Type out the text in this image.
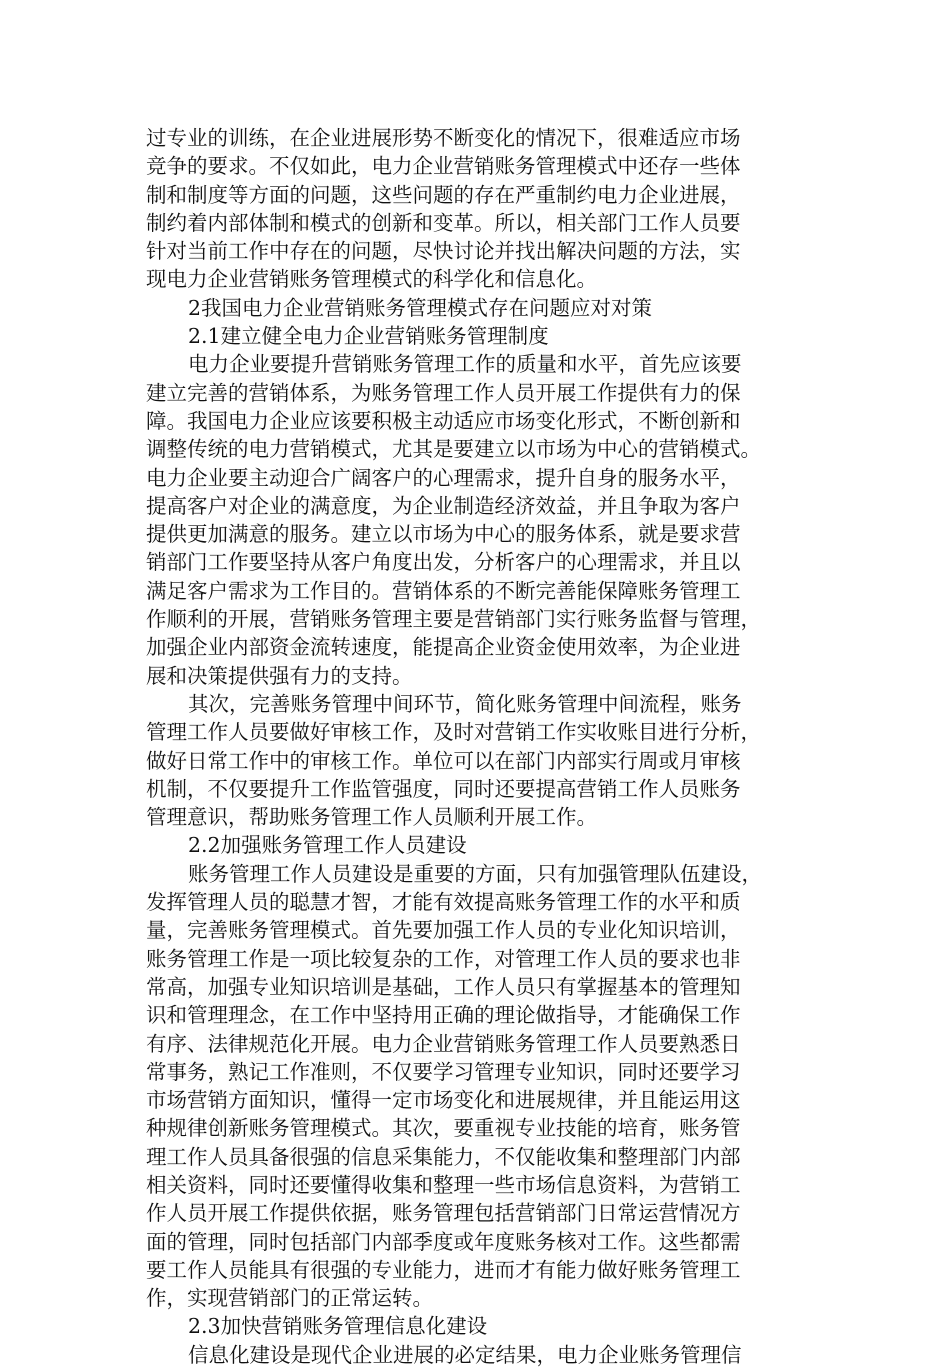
过专业的训练，在企业进展形势不断变化的情况下，很难适应市场
竞争的要求。不仅如此，电力企业营销账务管理模式中还存一些体
制和制度等方面的问题，这些问题的存在严重制约电力企业进展，
制约着内部体制和模式的创新和变革。所以，相关部门工作人员要
针对当前工作中存在的问题，尽快讨论并找出解决问题的方法，实
现电力企业营销账务管理模式的科学化和信息化。
2我国电力企业营销账务管理模式存在问题应对对策
2.1建立健全电力企业营销账务管理制度
电力企业要提升营销账务管理工作的质量和水平，首先应该要
建立完善的营销体系，为账务管理工作人员开展工作提供有力的保
障。我国电力企业应该要积极主动适应市场变化形式，不断创新和
调整传统的电力营销模式，尤其是要建立以市场为中心的营销模式。
电力企业要主动迎合广阔客户的心理需求，提升自身的服务水平，
提高客户对企业的满意度，为企业制造经济效益，并且争取为客户
提供更加满意的服务。建立以市场为中心的服务体系，就是要求营
销部门工作要坚持从客户角度出发，分析客户的心理需求，并且以
满足客户需求为工作目的。营销体系的不断完善能保障账务管理工
作顺利的开展，营销账务管理主要是营销部门实行账务监督与管理，
加强企业内部资金流转速度，能提高企业资金使用效率，为企业进
展和决策提供强有力的支持。
其次，完善账务管理中间环节，简化账务管理中间流程，账务
管理工作人员要做好审核工作，及时对营销工作实收账目进行分析，
做好日常工作中的审核工作。单位可以在部门内部实行周或月审核
机制，不仅要提升工作监管强度，同时还要提高营销工作人员账务
管理意识，帮助账务管理工作人员顺利开展工作。
2.2加强账务管理工作人员建设
账务管理工作人员建设是重要的方面，只有加强管理队伍建设，
发挥管理人员的聪慧才智，才能有效提高账务管理工作的水平和质
量，完善账务管理模式。首先要加强工作人员的专业化知识培训，
账务管理工作是一项比较复杂的工作，对管理工作人员的要求也非
常高，加强专业知识培训是基础，工作人员只有掌握基本的管理知
识和管理理念，在工作中坚持用正确的理论做指导，才能确保工作
有序、法律规范化开展。电力企业营销账务管理工作人员要熟悉日
常事务，熟记工作准则，不仅要学习管理专业知识，同时还要学习
市场营销方面知识，懂得一定市场变化和进展规律，并且能运用这
种规律创新账务管理模式。其次，要重视专业技能的培育，账务管
理工作人员具备很强的信息采集能力，不仅能收集和整理部门内部
相关资料，同时还要懂得收集和整理一些市场信息资料，为营销工
作人员开展工作提供依据，账务管理包括营销部门日常运营情况方
面的管理，同时包括部门内部季度或年度账务核对工作。这些都需
要工作人员能具有很强的专业能力，进而才有能力做好账务管理工
作，实现营销部门的正常运转。
2.3加快营销账务管理信息化建设
信息化建设是现代企业进展的必定结果，电力企业账务管理信
